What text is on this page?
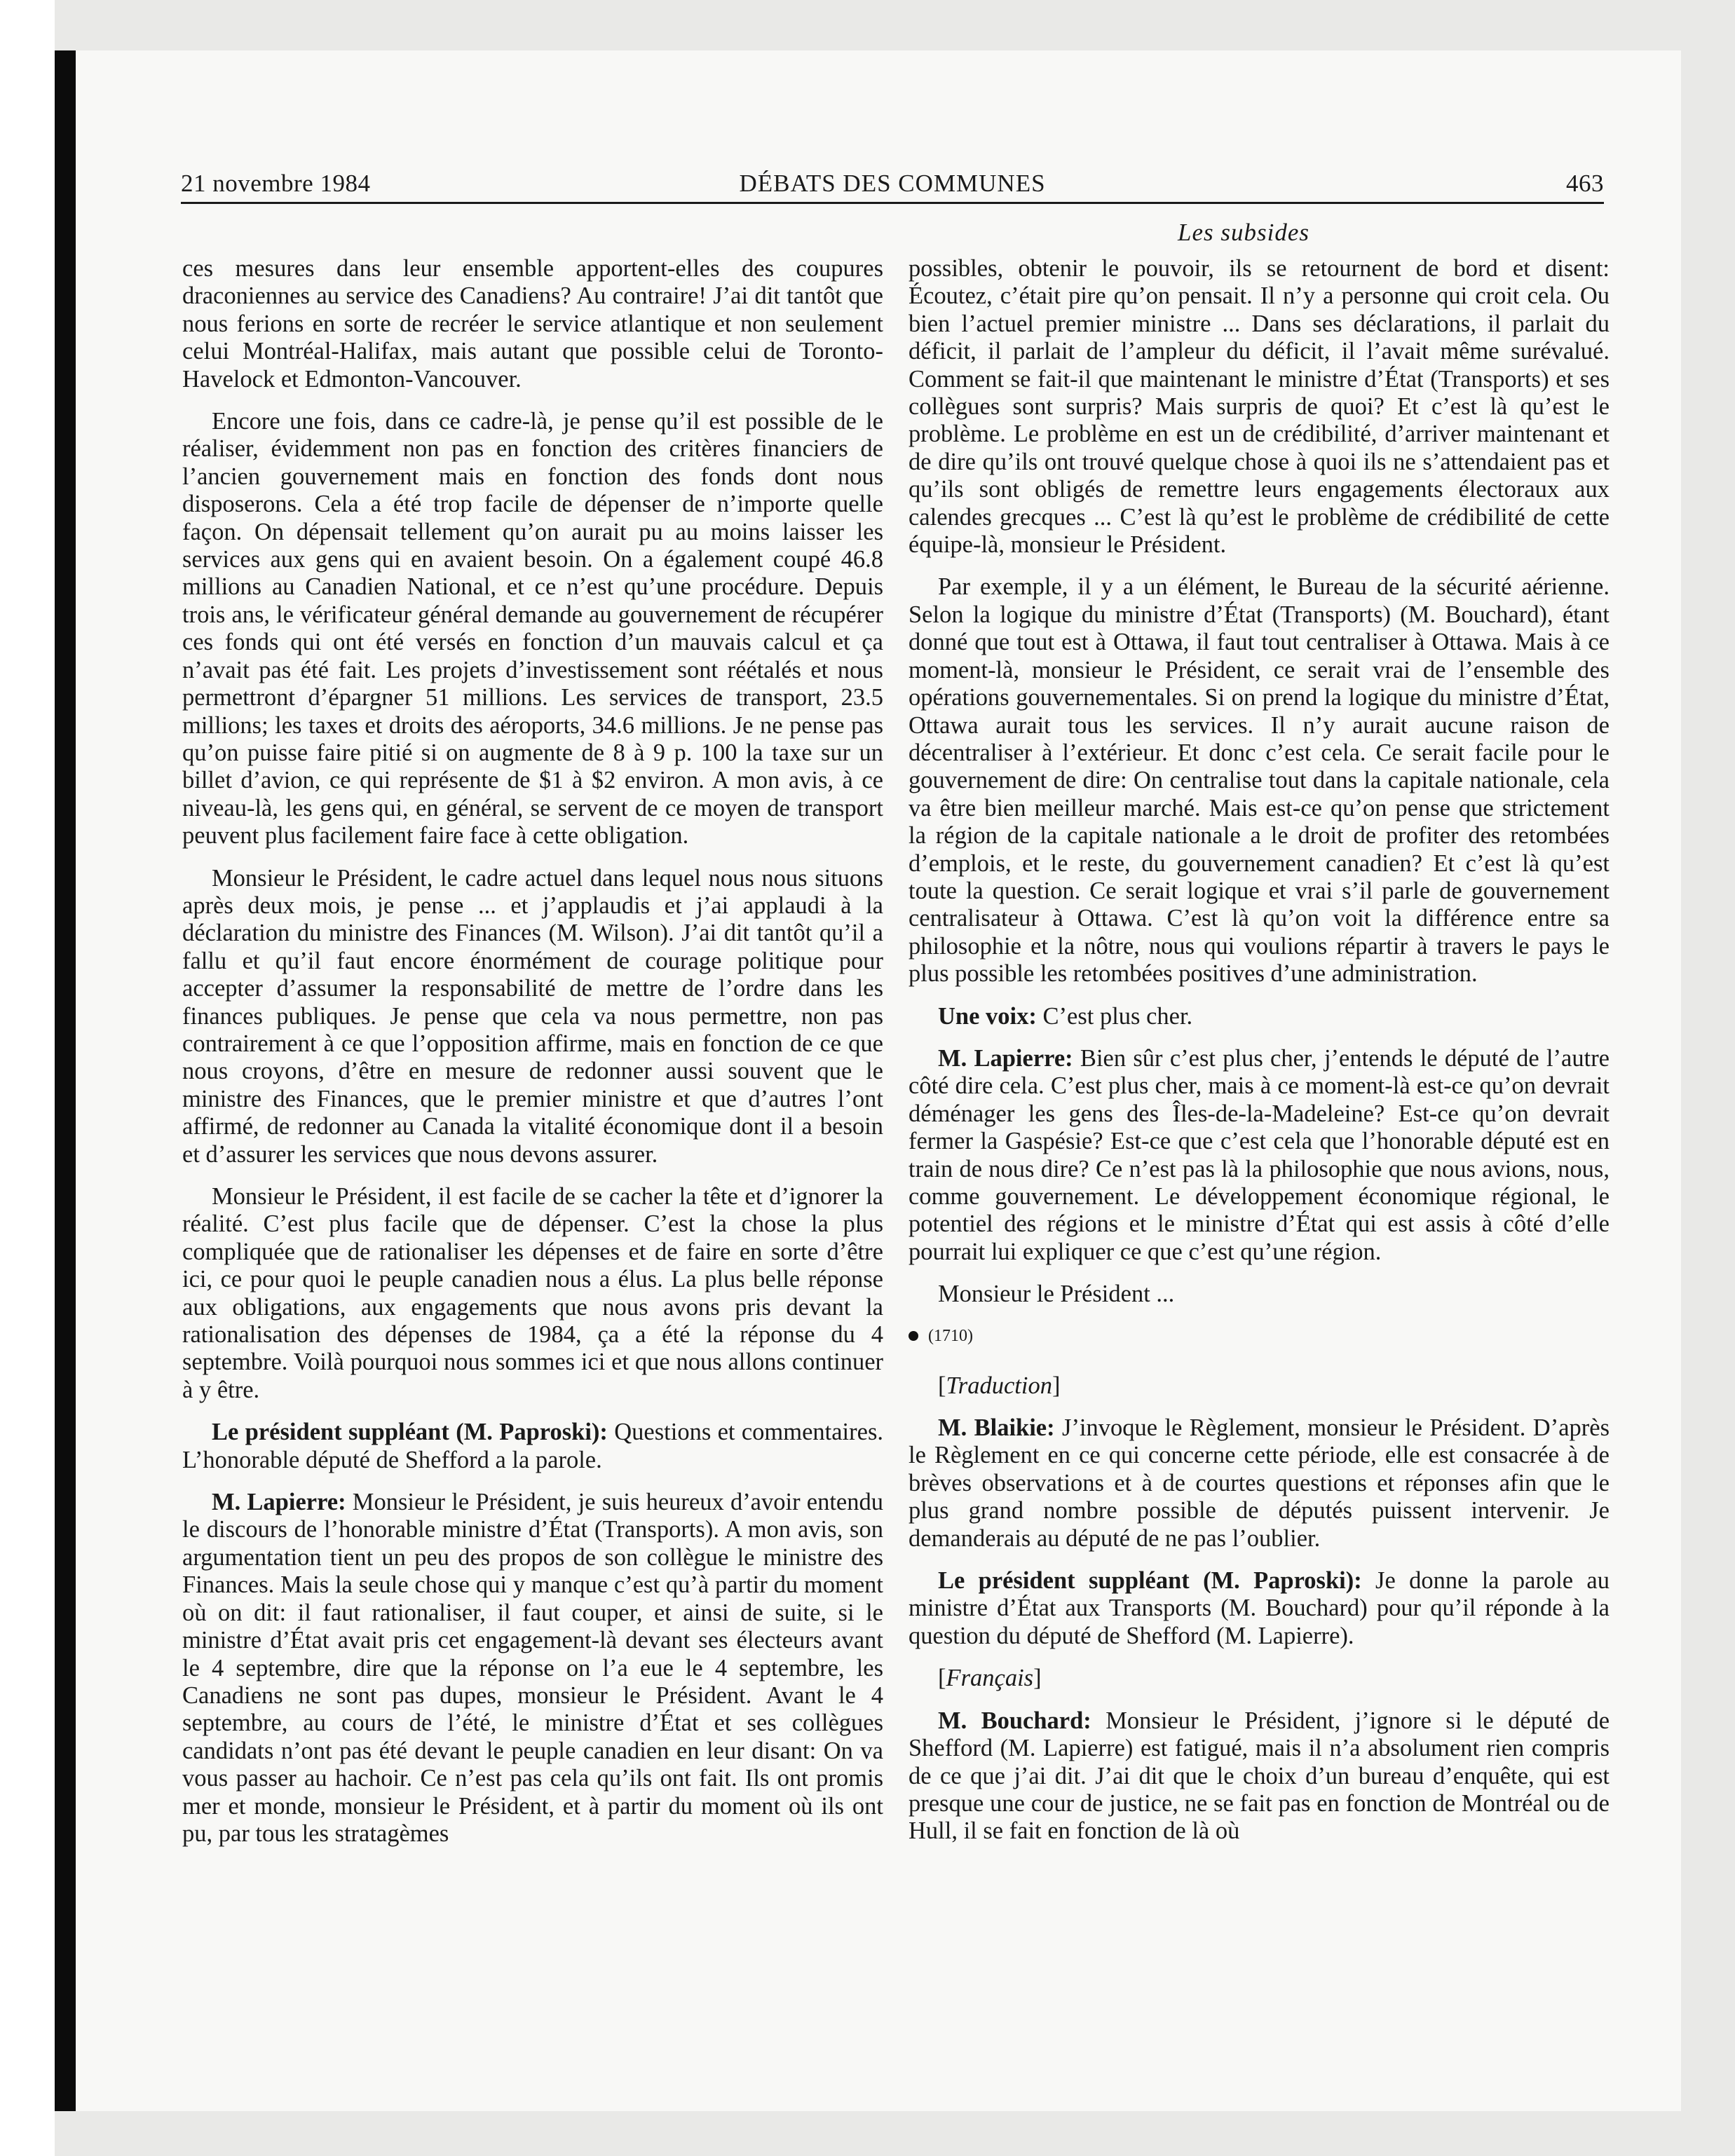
21 novembre 1984	DÉBATS DES COMMUNES	463
Les subsides

ces mesures dans leur ensemble apportent-elles des coupures draconiennes au service des Canadiens? Au contraire! J’ai dit tantôt que nous ferions en sorte de recréer le service atlantique et non seulement celui Montréal-Halifax, mais autant que possible celui de Toronto-Havelock et Edmonton-Vancouver.

Encore une fois, dans ce cadre-là, je pense qu’il est possible de le réaliser, évidemment non pas en fonction des critères financiers de l’ancien gouvernement mais en fonction des fonds dont nous disposerons. Cela a été trop facile de dépenser de n’importe quelle façon. On dépensait tellement qu’on aurait pu au moins laisser les services aux gens qui en avaient besoin. On a également coupé 46.8 millions au Canadien National, et ce n’est qu’une procédure. Depuis trois ans, le vérificateur général demande au gouvernement de récupérer ces fonds qui ont été versés en fonction d’un mauvais calcul et ça n’avait pas été fait. Les projets d’investissement sont réétalés et nous permettront d’épargner 51 millions. Les services de transport, 23.5 millions; les taxes et droits des aéroports, 34.6 millions. Je ne pense pas qu’on puisse faire pitié si on augmente de 8 à 9 p. 100 la taxe sur un billet d’avion, ce qui représente de $1 à $2 environ. A mon avis, à ce niveau-là, les gens qui, en général, se servent de ce moyen de transport peuvent plus facilement faire face à cette obligation.

Monsieur le Président, le cadre actuel dans lequel nous nous situons après deux mois, je pense ... et j’applaudis et j’ai applaudi à la déclaration du ministre des Finances (M. Wilson). J’ai dit tantôt qu’il a fallu et qu’il faut encore énormément de courage politique pour accepter d’assumer la responsabilité de mettre de l’ordre dans les finances publiques. Je pense que cela va nous permettre, non pas contrairement à ce que l’opposition affirme, mais en fonction de ce que nous croyons, d’être en mesure de redonner aussi souvent que le ministre des Finances, que le premier ministre et que d’autres l’ont affirmé, de redonner au Canada la vitalité économique dont il a besoin et d’assurer les services que nous devons assurer.

Monsieur le Président, il est facile de se cacher la tête et d’ignorer la réalité. C’est plus facile que de dépenser. C’est la chose la plus compliquée que de rationaliser les dépenses et de faire en sorte d’être ici, ce pour quoi le peuple canadien nous a élus. La plus belle réponse aux obligations, aux engagements que nous avons pris devant la rationalisation des dépenses de 1984, ça a été la réponse du 4 septembre. Voilà pourquoi nous sommes ici et que nous allons continuer à y être.

Le président suppléant (M. Paproski): Questions et commentaires. L’honorable député de Shefford a la parole.

M. Lapierre: Monsieur le Président, je suis heureux d’avoir entendu le discours de l’honorable ministre d’État (Transports). A mon avis, son argumentation tient un peu des propos de son collègue le ministre des Finances. Mais la seule chose qui y manque c’est qu’à partir du moment où on dit: il faut rationaliser, il faut couper, et ainsi de suite, si le ministre d’État avait pris cet engagement-là devant ses électeurs avant le 4 septembre, dire que la réponse on l’a eue le 4 septembre, les Canadiens ne sont pas dupes, monsieur le Président. Avant le 4 septembre, au cours de l’été, le ministre d’État et ses collègues candidats n’ont pas été devant le peuple canadien en leur disant: On va vous passer au hachoir. Ce n’est pas cela qu’ils ont fait. Ils ont promis mer et monde, monsieur le Président, et à partir du moment où ils ont pu, par tous les stratagèmes

possibles, obtenir le pouvoir, ils se retournent de bord et disent: Écoutez, c’était pire qu’on pensait. Il n’y a personne qui croit cela. Ou bien l’actuel premier ministre ... Dans ses déclarations, il parlait du déficit, il parlait de l’ampleur du déficit, il l’avait même surévalué. Comment se fait-il que maintenant le ministre d’État (Transports) et ses collègues sont surpris? Mais surpris de quoi? Et c’est là qu’est le problème. Le problème en est un de crédibilité, d’arriver maintenant et de dire qu’ils ont trouvé quelque chose à quoi ils ne s’attendaient pas et qu’ils sont obligés de remettre leurs engagements électoraux aux calendes grecques ... C’est là qu’est le problème de crédibilité de cette équipe-là, monsieur le Président.

Par exemple, il y a un élément, le Bureau de la sécurité aérienne. Selon la logique du ministre d’État (Transports) (M. Bouchard), étant donné que tout est à Ottawa, il faut tout centraliser à Ottawa. Mais à ce moment-là, monsieur le Président, ce serait vrai de l’ensemble des opérations gouvernementales. Si on prend la logique du ministre d’État, Ottawa aurait tous les services. Il n’y aurait aucune raison de décentraliser à l’extérieur. Et donc c’est cela. Ce serait facile pour le gouvernement de dire: On centralise tout dans la capitale nationale, cela va être bien meilleur marché. Mais est-ce qu’on pense que strictement la région de la capitale nationale a le droit de profiter des retombées d’emplois, et le reste, du gouvernement canadien? Et c’est là qu’est toute la question. Ce serait logique et vrai s’il parle de gouvernement centralisateur à Ottawa. C’est là qu’on voit la différence entre sa philosophie et la nôtre, nous qui voulions répartir à travers le pays le plus possible les retombées positives d’une administration.

Une voix: C’est plus cher.

M. Lapierre: Bien sûr c’est plus cher, j’entends le député de l’autre côté dire cela. C’est plus cher, mais à ce moment-là est-ce qu’on devrait déménager les gens des Îles-de-la-Madeleine? Est-ce qu’on devrait fermer la Gaspésie? Est-ce que c’est cela que l’honorable député est en train de nous dire? Ce n’est pas là la philosophie que nous avions, nous, comme gouvernement. Le développement économique régional, le potentiel des régions et le ministre d’État qui est assis à côté d’elle pourrait lui expliquer ce que c’est qu’une région.

Monsieur le Président ...

(1710)

[Traduction]

M. Blaikie: J’invoque le Règlement, monsieur le Président. D’après le Règlement en ce qui concerne cette période, elle est consacrée à de brèves observations et à de courtes questions et réponses afin que le plus grand nombre possible de députés puissent intervenir. Je demanderais au député de ne pas l’oublier.

Le président suppléant (M. Paproski): Je donne la parole au ministre d’État aux Transports (M. Bouchard) pour qu’il réponde à la question du député de Shefford (M. Lapierre).

[Français]

M. Bouchard: Monsieur le Président, j’ignore si le député de Shefford (M. Lapierre) est fatigué, mais il n’a absolument rien compris de ce que j’ai dit. J’ai dit que le choix d’un bureau d’enquête, qui est presque une cour de justice, ne se fait pas en fonction de Montréal ou de Hull, il se fait en fonction de là où
